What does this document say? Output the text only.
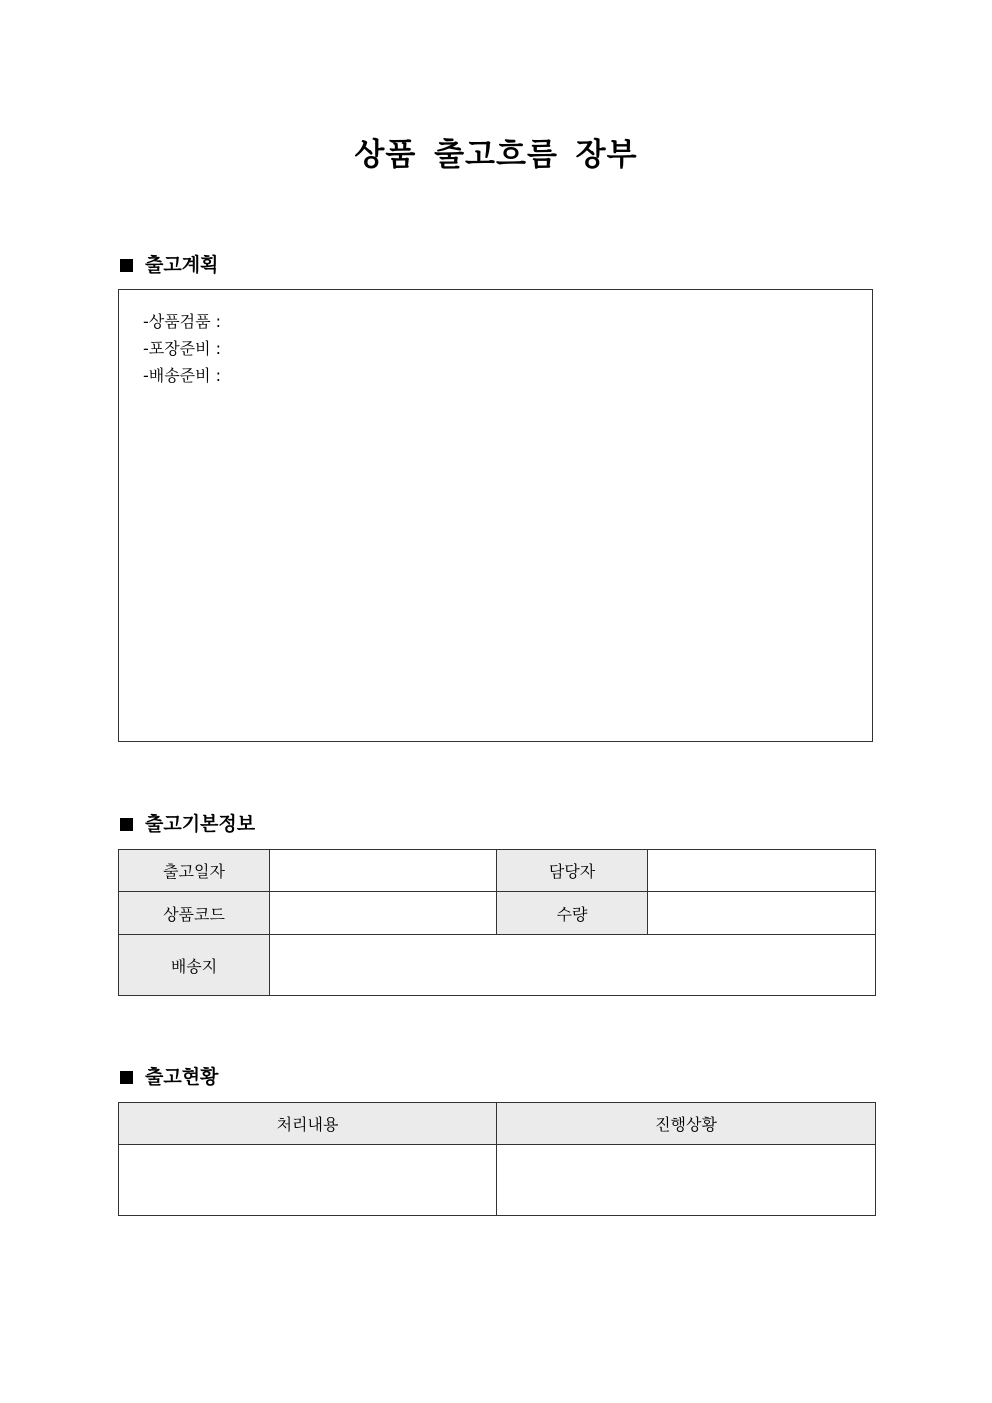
상품 출고흐름 장부
출고계획
-상품검품 :
-포장준비 :
-배송준비 :
출고기본정보
출고일자		담당자	
상품코드		수량	
배송지			
출고현황
처리내용	진행상황
